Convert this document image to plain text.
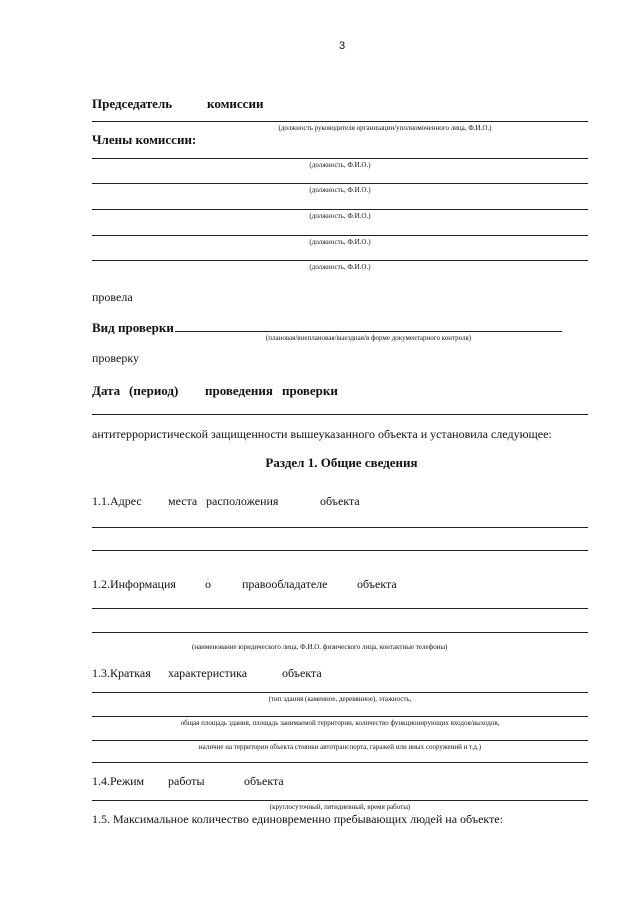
3
Председатель	комиссии
(должность руководителя организации/уполномоченного лица, Ф.И.О.)
Члены комиссии:
(должность, Ф.И.О.)
(должность, Ф.И.О.)
(должность, Ф.И.О.)
(должность, Ф.И.О.)
(должность, Ф.И.О.)
провела
Вид проверки
(плановая/внеплановая/выездная/в форме документарного контроля)
проверку
Дата (период) проведения проверки
антитеррористической защищенности вышеуказанного объекта и установила следующее:
Раздел 1. Общие сведения
1.1.Адрес места расположения	объекта
1.2.Информация о	правообладателе объекта
(наименование юридического лица, Ф.И.О. физического лица, контактные телефоны)
1.3.Краткая характеристика	объекта
(тип здания (каменное, деревянное), этажность,
общая площадь здания, площадь занимаемой территории, количество функционирующих входов/выходов,
наличие на территории объекта стоянки автотранспорта, гаражей или иных сооружений и т.д.)
1.4.Режим работы	объекта
(круглосуточный, пятидневный, время работы)
1.5. Максимальное количество единовременно пребывающих людей на объекте:
